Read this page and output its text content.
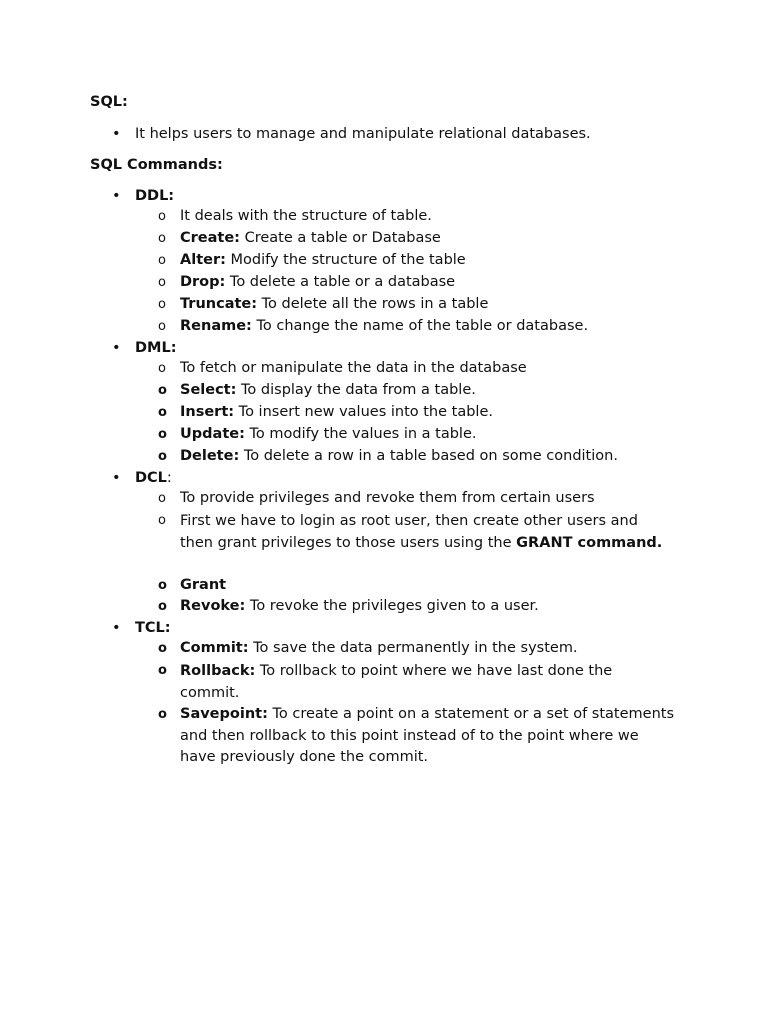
SQL:
• It helps users to manage and manipulate relational databases.
SQL Commands:
• DDL:
o It deals with the structure of table.
o Create: Create a table or Database
o Alter: Modify the structure of the table
o Drop: To delete a table or a database
o Truncate: To delete all the rows in a table
o Rename: To change the name of the table or database.
• DML:
o To fetch or manipulate the data in the database
o Select: To display the data from a table.
o Insert: To insert new values into the table.
o Update: To modify the values in a table.
o Delete: To delete a row in a table based on some condition.
• DCL:
o To provide privileges and revoke them from certain users
o First we have to login as root user, then create other users and then grant privileges to those users using the GRANT command.
o Grant
o Revoke: To revoke the privileges given to a user.
• TCL:
o Commit: To save the data permanently in the system.
o Rollback: To rollback to point where we have last done the commit.
o Savepoint: To create a point on a statement or a set of statements and then rollback to this point instead of to the point where we have previously done the commit.
